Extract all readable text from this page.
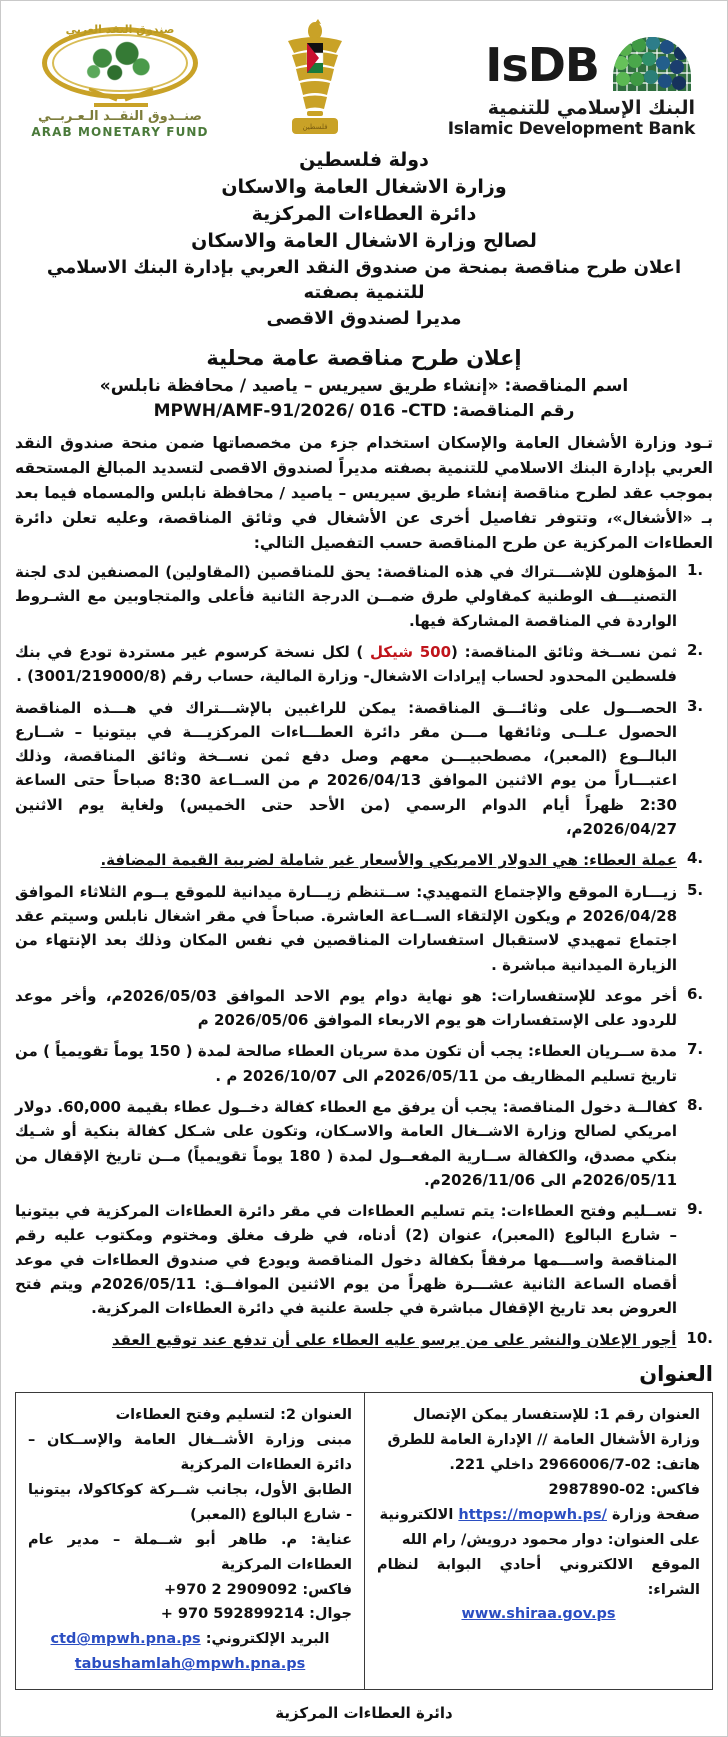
صندوق النقد العربي
صنــدوق النقــد الـعـربــي
ARAB MONETARY FUND	فلسطين
IsDB
البنك الإسلامي للتنمية
Islamic Development Bank
دولة فلسطين
وزارة الاشغال العامة والاسكان
دائرة العطاءات المركزية
لصالح وزارة الاشغال العامة والاسكان
اعلان طرح مناقصة بمنحة من صندوق النقد العربي بإدارة البنك الاسلامي للتنمية بصفته
مديرا لصندوق الاقصى
إعلان طرح مناقصة عامة محلية
اسم المناقصة: «إنشاء طريق سيريس – ياصيد / محافظة نابلس»
رقم المناقصة: MPWH/AMF-91/2026/ 016 -CTD
تـود وزارة الأشغال العامة والإسكان استخدام جزء من مخصصاتها ضمن منحة صندوق النقد العربي بإدارة البنك الاسلامي للتنمية بصفته مديراً لصندوق الاقصى لتسديد المبالغ المستحقه بموجب عقد لطرح مناقصة إنشاء طريق سيريس – ياصيد / محافظة نابلس والمسماه فيما بعد بـ «الأشغال»، وتتوفر تفاصيل أخرى عن الأشغال في وثائق المناقصة، وعليه تعلن دائرة العطاءات المركزية عن طرح المناقصة حسب التفصيل التالي:
1.
المؤهلون للإشـــتراك في هذه المناقصة: يحق للمناقصين (المقاولين) المصنفين لدى لجنة التصنيـــف الوطنية كمقاولي طرق ضمــن الدرجة الثانية فأعلى والمتجاوبين مع الشـروط الواردة في المناقصة المشاركة فيها.
2.
ثمن نســخة وثائق المناقصة: (500 شيكل ) لكل نسخة كرسوم غير مستردة تودع في بنك فلسطين المحدود لحساب إيرادات الاشغال- وزارة المالية، حساب رقم (3001/219000/8) .
3.
الحصـــول على وثائـــق المناقصة: يمكن للراغبين بالإشـــتراك في هـــذه المناقصة الحصول عـلــى وثائقها مـــن مقر دائرة العطـــاءات المركزيـــة في بيتونيا – شــارع البالــوع (المعبر)، مصطحبيـــن معهم وصل دفع ثمن نســخة وثائق المناقصة، وذلك اعتبـــاراً من يوم الاثنين الموافق 2026/04/13 م من الســاعة 8:30 صباحاً حتى الساعة 2:30 ظهراً أيام الدوام الرسمي (من الأحد حتى الخميس) ولغاية يوم الاثنين 2026/04/27م،
4.
عملة العطاء: هي الدولار الامريكي والأسعار غير شاملة لضريبة القيمة المضافة.
5.
زيـــارة الموقع والإجتماع التمهيدي: ســتنظم زيـــارة ميدانية للموقع يــوم الثلاثاء الموافق 2026/04/28 م ويكون الإلتقاء الســاعة العاشرة. صباحاً في مقر اشغال نابلس وسيتم عقد اجتماع تمهيدي لاستقبال استفسارات المناقصين في نفس المكان وذلك بعد الإنتهاء من الزيارة الميدانية مباشرة .
6.
أخر موعد للإستفسارات: هو نهاية دوام يوم الاحد الموافق 2026/05/03م، وأخر موعد للردود على الإستفسارات هو يوم الاربعاء الموافق 2026/05/06 م
7.
مدة ســريان العطاء: يجب أن تكون مدة سريان العطاء صالحة لمدة ( 150 يوماً تقويمياً ) من تاريخ تسليم المظاريف من 2026/05/11م الى 2026/10/07 م .
8.
كفالــة دخول المناقصة: يجب أن يرفق مع العطاء كفالة دخــول عطاء بقيمة 60,000. دولار امريكي لصالح وزارة الاشــغال العامة والاسـكان، وتكون على شـكل كفالة بنكية أو شـيك بنكي مصدق، والكفالة ســارية المفعــول لمدة ( 180 يوماً تقويمياً) مــن تاريخ الإقفال من 2026/05/11م الى 2026/11/06م.
9.
تســليم وفتح العطاءات: يتم تسليم العطاءات في مقر دائرة العطاءات المركزية في بيتونيا – شارع البالوع (المعبر)، عنوان (2) أدناه، في ظرف مغلق ومختوم ومكتوب عليه رقم المناقصة واســـمها مرفقاً بكفالة دخول المناقصة ويودع في صندوق العطاءات في موعد أقصاه الساعة الثانية عشـــرة ظهراً من يوم الاثنين الموافــق: 2026/05/11م ويتم فتح العروض بعد تاريخ الإقفال مباشرة في جلسة علنية في دائرة العطاءات المركزية.
10.
أجور الإعلان والنشر على من يرسو عليه العطاء على أن تدفع عند توقيع العقد
العنوان
العنوان رقم 1: للإستفسار يمكن الإتصال
وزارة الأشغال العامة // الإدارة العامة للطرق
هاتف: 02-2966006/7 داخلي 221.
فاكس: 02-2987890
صفحة وزارة https://mopwh.ps/ الالكترونية
على العنوان: دوار محمود درويش/ رام الله
الموقع الالكتروني أحادي البوابة لنظام الشراء:
www.shiraa.gov.ps
العنوان 2: لتسليم وفتح العطاءات
مبنى وزارة الأشــغال العامة والإســكان – دائرة العطاءات المركزية
الطابق الأول، بجانب شــركة كوكاكولا، بيتونيا - شارع البالوع (المعبر)
عناية: م. طاهر أبو شــملة – مدير عام العطاءات المركزية
فاكس: 2909092 2 970+
جوال: 592899214 970 +
البريد الإلكتروني: ctd@mpwh.pna.ps
tabushamlah@mpwh.pna.ps
دائرة العطاءات المركزية
